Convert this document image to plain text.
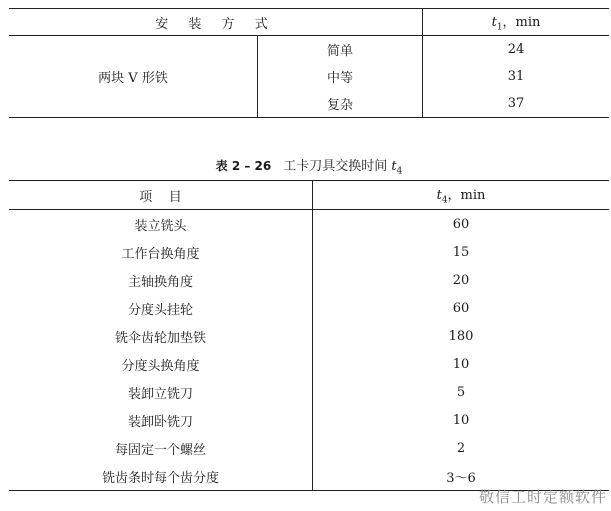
安 装 方 式		$t_1$，min
两块 V 形铁	简单	24
	中等	31
	复杂	37
表 2 – 26 工卡刀具交换时间 $t_4$
项    目	$t_4$，min
装立铣头	60
工作台换角度	15
主轴换角度	20
分度头挂轮	60
铣伞齿轮加垫铁	180
分度头换角度	10
装卸立铣刀	5
装卸卧铣刀	10
每固定一个螺丝	2
铣齿条时每个齿分度	3～6
敬信工时定额软件
